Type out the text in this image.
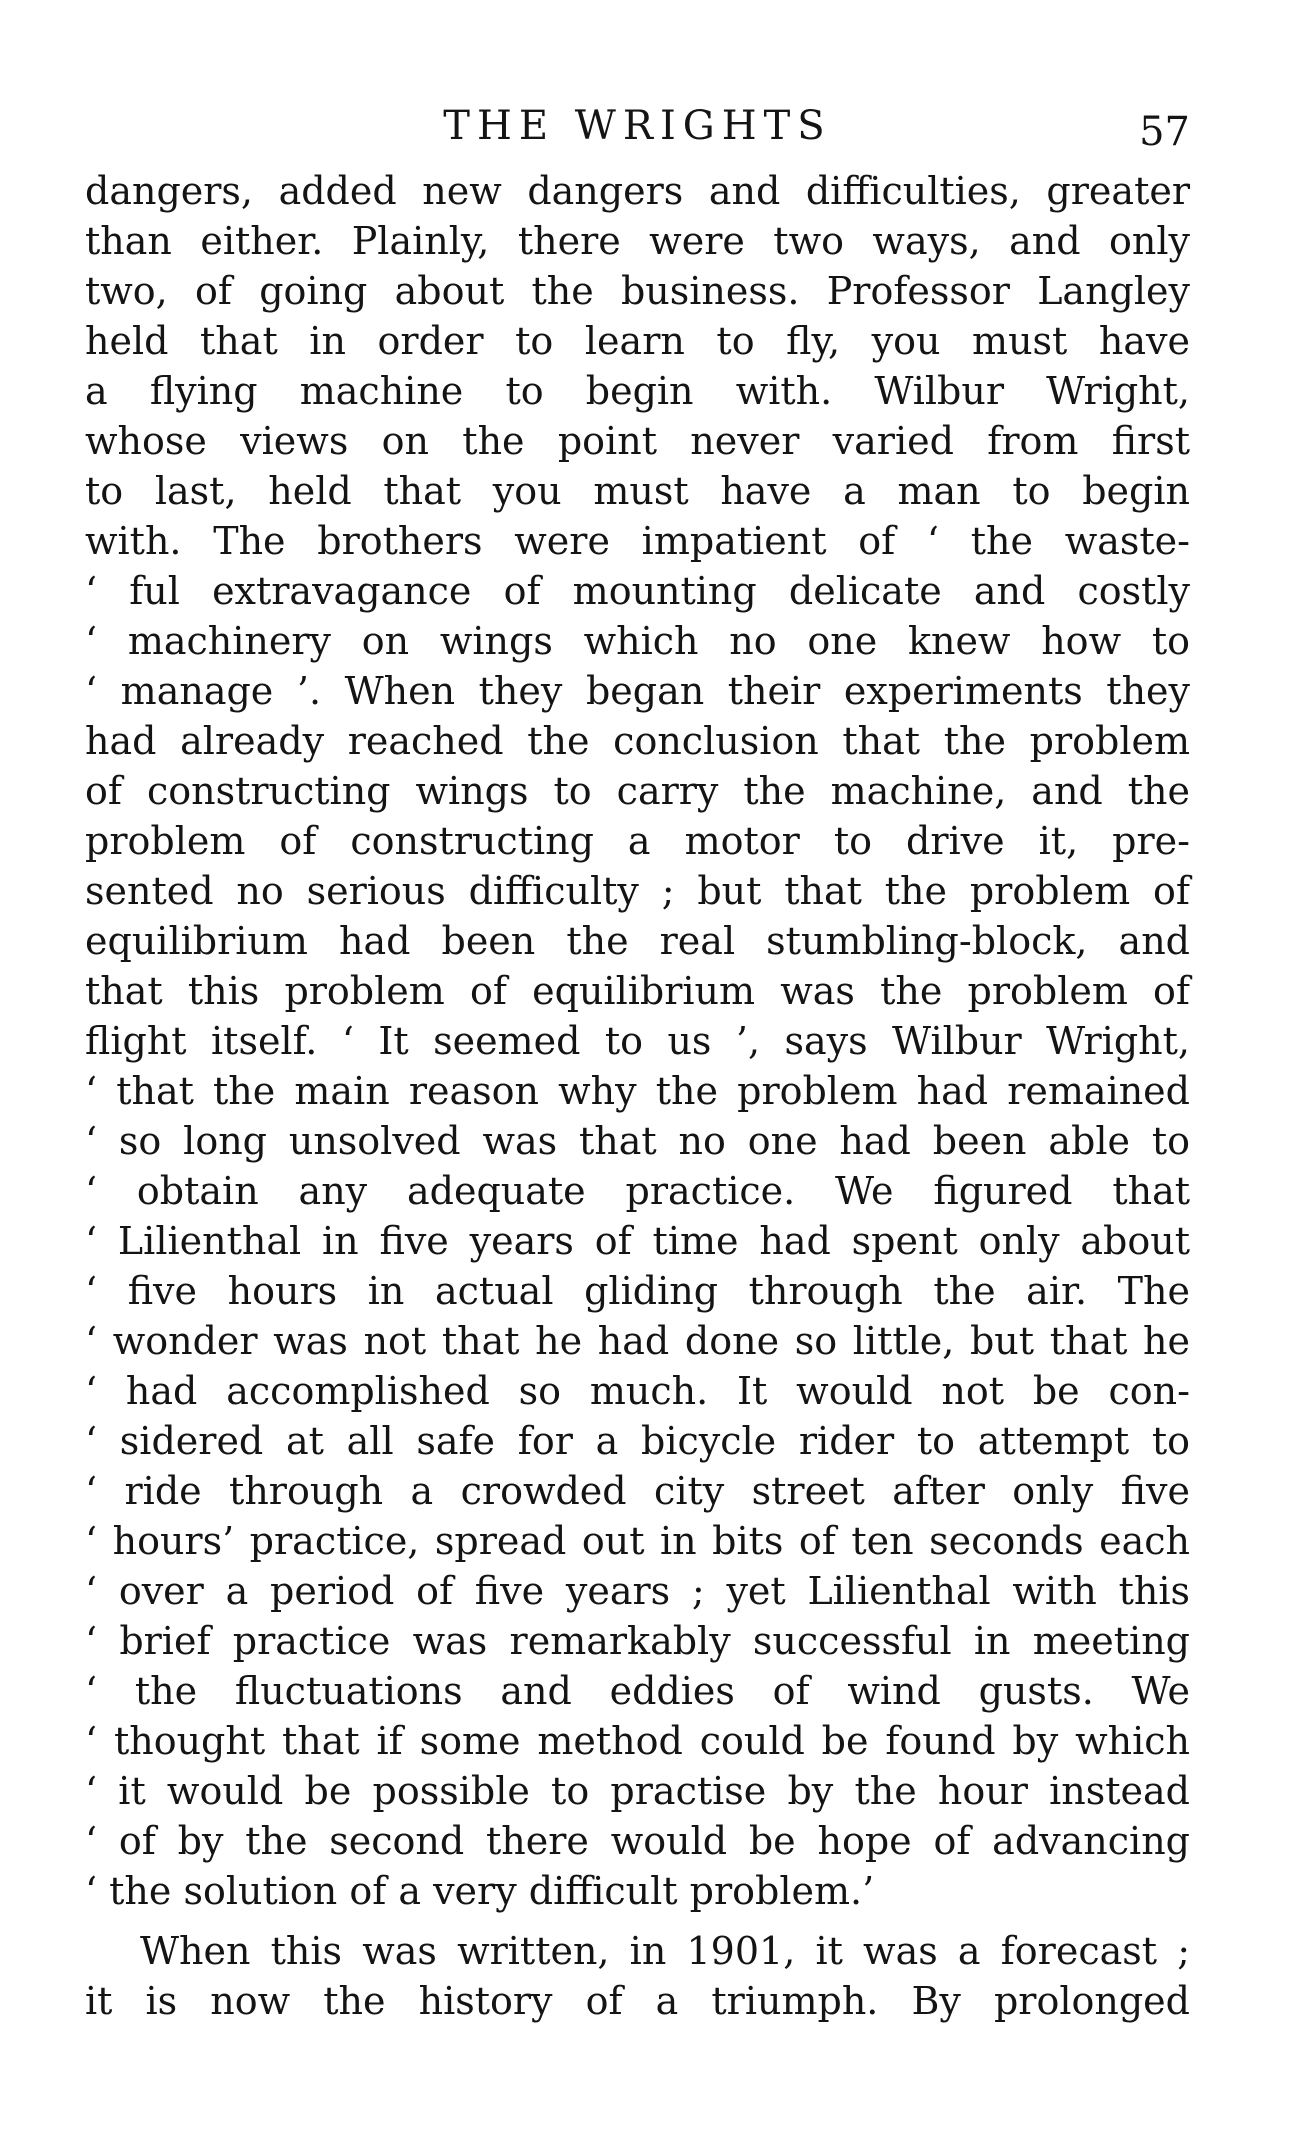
THE WRIGHTS	57
dangers, added new dangers and difficulties, greater
than either. Plainly, there were two ways, and only
two, of going about the business. Professor Langley
held that in order to learn to fly, you must have
a flying machine to begin with. Wilbur Wright,
whose views on the point never varied from first
to last, held that you must have a man to begin
with. The brothers were impatient of ‘ the waste-
‘ ful extravagance of mounting delicate and costly
‘ machinery on wings which no one knew how to
‘ manage ’. When they began their experiments they
had already reached the conclusion that the problem
of constructing wings to carry the machine, and the
problem of constructing a motor to drive it, pre-
sented no serious difficulty ; but that the problem of
equilibrium had been the real stumbling-block, and
that this problem of equilibrium was the problem of
flight itself. ‘ It seemed to us ’, says Wilbur Wright,
‘ that the main reason why the problem had remained
‘ so long unsolved was that no one had been able to
‘ obtain any adequate practice. We figured that
‘ Lilienthal in five years of time had spent only about
‘ five hours in actual gliding through the air. The
‘ wonder was not that he had done so little, but that he
‘ had accomplished so much. It would not be con-
‘ sidered at all safe for a bicycle rider to attempt to
‘ ride through a crowded city street after only five
‘ hours’ practice, spread out in bits of ten seconds each
‘ over a period of five years ; yet Lilienthal with this
‘ brief practice was remarkably successful in meeting
‘ the fluctuations and eddies of wind gusts. We
‘ thought that if some method could be found by which
‘ it would be possible to practise by the hour instead
‘ of by the second there would be hope of advancing
‘ the solution of a very difficult problem.’
When this was written, in 1901, it was a forecast ;
it is now the history of a triumph. By prolonged
